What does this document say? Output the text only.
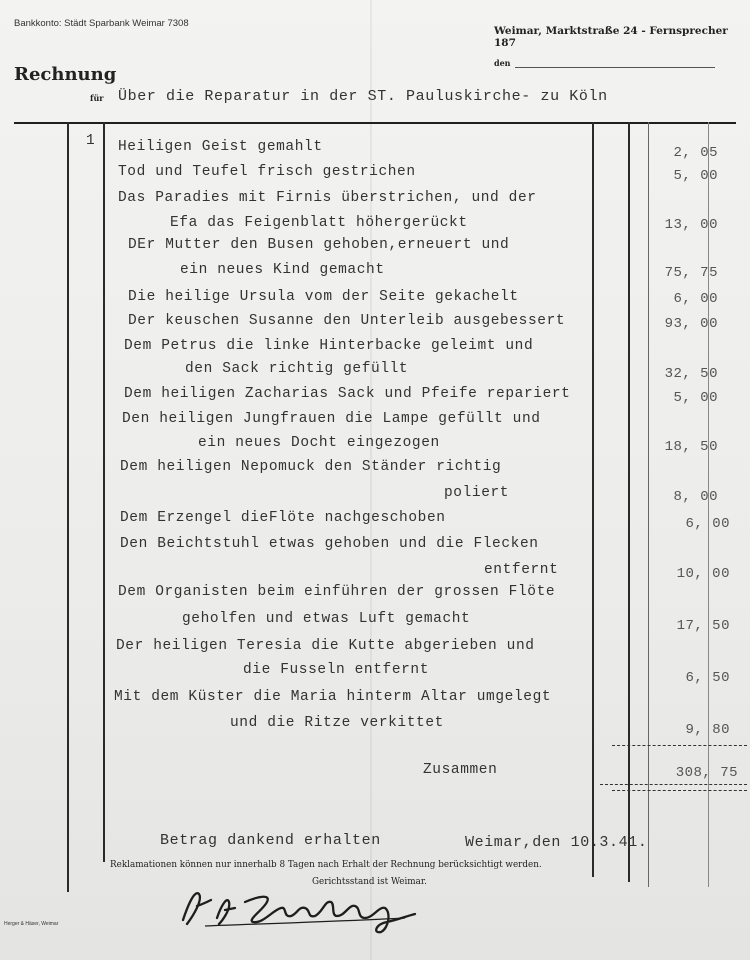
Bankkonto: Städt Sparbank Weimar 7308
Weimar, Marktstraße 24 - Fernsprecher 187
den
Rechnung
für Über die Reparatur in der ST. Pauluskirche- zu Köln
1 Heiligen Geist gemahlt	2, 05
Tod und Teufel frisch gestrichen	5, 00
Das Paradies mit Firnis überstrichen, und der
Efa das Feigenblatt höhergerückt	13, 00
DEr Mutter den Busen gehoben,erneuert und
ein neues Kind gemacht	75, 75
Die heilige Ursula vom der Seite gekachelt	6, 00
Der keuschen Susanne den Unterleib ausgebessert	93, 00
Dem Petrus die linke Hinterbacke geleimt und
den Sack richtig gefüllt	32, 50
Dem heiligen Zacharias Sack und Pfeife repariert	5, 00
Den heiligen Jungfrauen die Lampe gefüllt und
ein neues Docht eingezogen	18, 50
Dem heiligen Nepomuck den Ständer richtig
poliert	8, 00
Dem Erzengel dieFlöte nachgeschoben	6, 00
Den Beichtstuhl etwas gehoben und die Flecken
entfernt	10, 00
Dem Organisten beim einführen der grossen Flöte
geholfen und etwas Luft gemacht	17, 50
Der heiligen Teresia die Kutte abgerieben und
die Fusseln entfernt	6, 50
Mit dem Küster die Maria hinterm Altar umgelegt
und die Ritze verkittet	9, 80
Zusammen	308, 75
Betrag dankend erhalten	Weimar,den 10.3.41.
Reklamationen können nur innerhalb 8 Tagen nach Erhalt der Rechnung berücksichtigt werden.
Gerichtsstand ist Weimar.
Herger & Häser, Weimar
